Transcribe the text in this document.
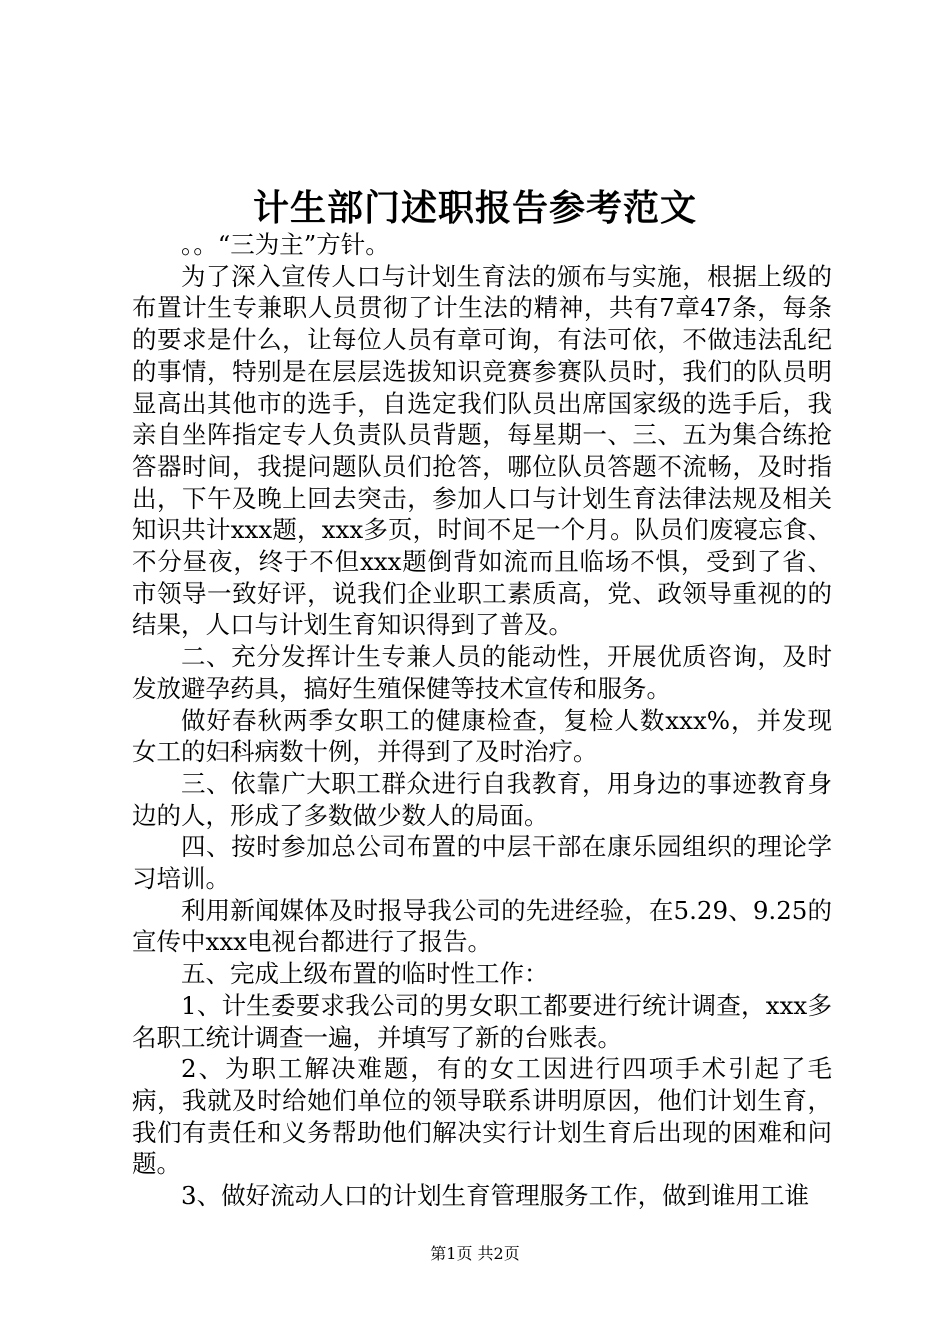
计生部门述职报告参考范文

。。“三为主”方针。

为了深入宣传人口与计划生育法的颁布与实施，根据上级的布置计生专兼职人员贯彻了计生法的精神，共有7章47条，每条的要求是什么，让每位人员有章可询，有法可依，不做违法乱纪的事情，特别是在层层选拔知识竞赛参赛队员时，我们的队员明显高出其他市的选手，自选定我们队员出席国家级的选手后，我亲自坐阵指定专人负责队员背题，每星期一、三、五为集合练抢答器时间，我提问题队员们抢答，哪位队员答题不流畅，及时指出，下午及晚上回去突击，参加人口与计划生育法律法规及相关知识共计xxx题，xxx多页，时间不足一个月。队员们废寝忘食、不分昼夜，终于不但xxx题倒背如流而且临场不惧，受到了省、市领导一致好评，说我们企业职工素质高，党、政领导重视的的结果，人口与计划生育知识得到了普及。

二、充分发挥计生专兼人员的能动性，开展优质咨询，及时发放避孕药具，搞好生殖保健等技术宣传和服务。

做好春秋两季女职工的健康检查，复检人数xxx%，并发现女工的妇科病数十例，并得到了及时治疗。

三、依靠广大职工群众进行自我教育，用身边的事迹教育身边的人，形成了多数做少数人的局面。

四、按时参加总公司布置的中层干部在康乐园组织的理论学习培训。

利用新闻媒体及时报导我公司的先进经验，在5.29、9.25的宣传中xxx电视台都进行了报告。

五、完成上级布置的临时性工作：

1、计生委要求我公司的男女职工都要进行统计调查，xxx多名职工统计调查一遍，并填写了新的台账表。

2、为职工解决难题，有的女工因进行四项手术引起了毛病，我就及时给她们单位的领导联系讲明原因，他们计划生育，我们有责任和义务帮助他们解决实行计划生育后出现的困难和问题。

3、做好流动人口的计划生育管理服务工作，做到谁用工谁

第1页 共2页
